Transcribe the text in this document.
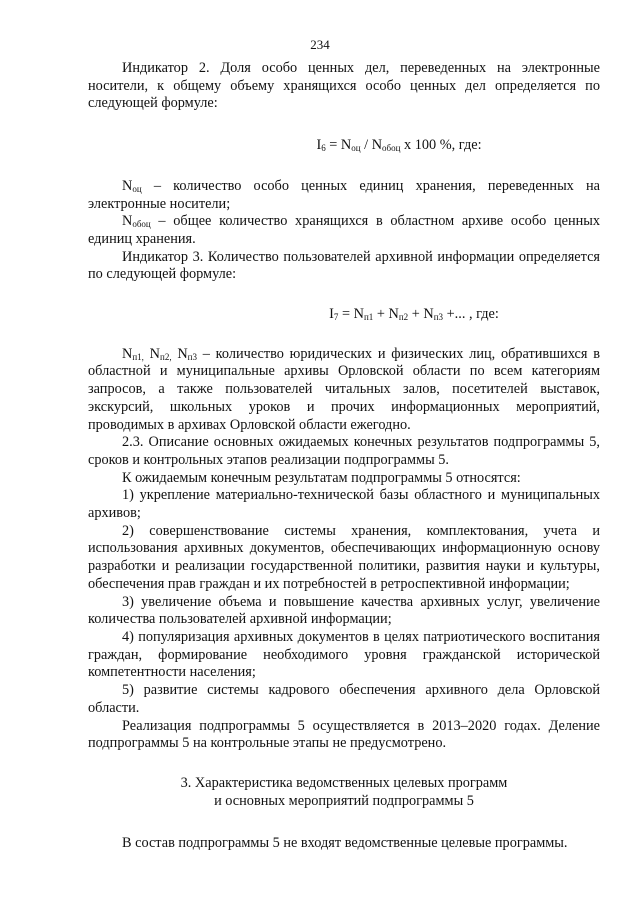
234

Индикатор 2. Доля особо ценных дел, переведенных на электронные носители, к общему объему хранящихся особо ценных дел определяется по следующей формуле:

$I_6 = N_{оц} / N_{обоц}$ x 100 %, где:

$N_{оц}$ – количество особо ценных единиц хранения, переведенных на электронные носители;

$N_{обоц}$ – общее количество хранящихся в областном архиве особо ценных единиц хранения.

Индикатор 3. Количество пользователей архивной информации определяется по следующей формуле:

$I_7 = N_{п1} + N_{п2} + N_{п3}$ +... , где:

$N_{п1,}$ $N_{п2,}$ $N_{п3}$ – количество юридических и физических лиц, обратившихся в областной и муниципальные архивы Орловской области по всем категориям запросов, а также пользователей читальных залов, посетителей выставок, экскурсий, школьных уроков и прочих информационных мероприятий, проводимых в архивах Орловской области ежегодно.

2.3. Описание основных ожидаемых конечных результатов подпрограммы 5, сроков и контрольных этапов реализации подпрограммы 5.

К ожидаемым конечным результатам подпрограммы 5 относятся:

1) укрепление материально-технической базы областного и муниципальных архивов;

2) совершенствование системы хранения, комплектования, учета и использования архивных документов, обеспечивающих информационную основу разработки и реализации государственной политики, развития науки и культуры, обеспечения прав граждан и их потребностей в ретроспективной информации;

3) увеличение объема и повышение качества архивных услуг, увеличение количества пользователей архивной информации;

4) популяризация архивных документов в целях патриотического воспитания граждан, формирование необходимого уровня гражданской исторической компетентности населения;

5) развитие системы кадрового обеспечения архивного дела Орловской области.

Реализация подпрограммы 5 осуществляется в 2013–2020 годах. Деление подпрограммы 5 на контрольные этапы не предусмотрено.

3. Характеристика ведомственных целевых программ
и основных мероприятий подпрограммы 5

В состав подпрограммы 5 не входят ведомственные целевые программы.
